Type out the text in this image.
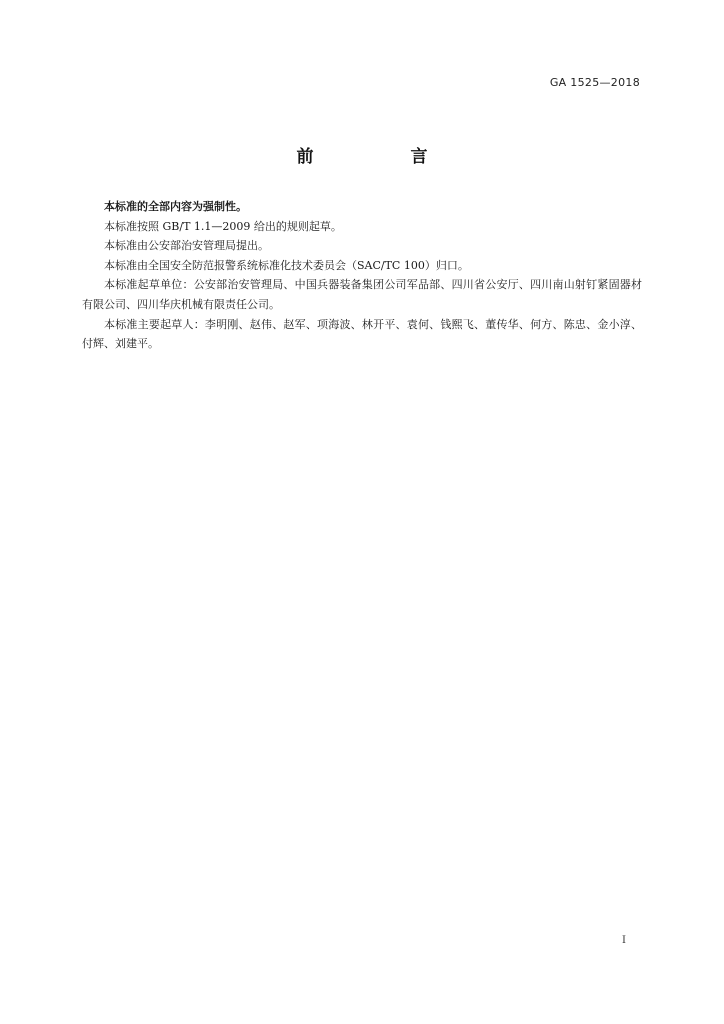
GA 1525—2018
前　言

本标准的全部内容为强制性。

本标准按照 GB/T 1.1—2009 给出的规则起草。

本标准由公安部治安管理局提出。

本标准由全国安全防范报警系统标准化技术委员会（SAC/TC 100）归口。

本标准起草单位：公安部治安管理局、中国兵器装备集团公司军品部、四川省公安厅、四川南山射钉紧固器材有限公司、四川华庆机械有限责任公司。

本标准主要起草人：李明刚、赵伟、赵军、项海波、林开平、袁何、钱熙飞、董传华、何方、陈忠、金小淳、付辉、刘建平。

I
